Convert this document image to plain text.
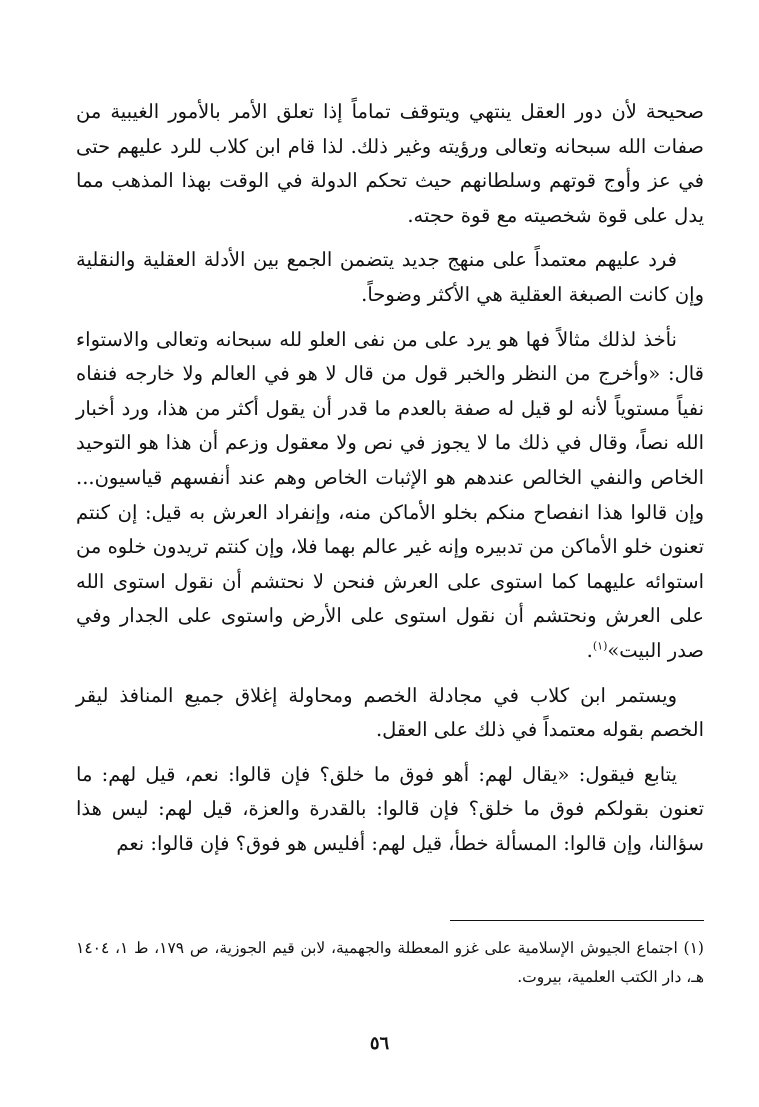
صحيحة لأن دور العقل ينتهي ويتوقف تماماً إذا تعلق الأمر بالأمور الغيبية من صفات الله سبحانه وتعالى ورؤيته وغير ذلك. لذا قام ابن كلاب للرد عليهم حتى في عز وأوج قوتهم وسلطانهم حيث تحكم الدولة في الوقت بهذا المذهب مما يدل على قوة شخصيته مع قوة حجته.

فرد عليهم معتمداً على منهج جديد يتضمن الجمع بين الأدلة العقلية والنقلية وإن كانت الصبغة العقلية هي الأكثر وضوحاً.

نأخذ لذلك مثالاً فها هو يرد على من نفى العلو لله سبحانه وتعالى والاستواء قال: «وأخرج من النظر والخبر قول من قال لا هو في العالم ولا خارجه فنفاه نفياً مستوياً لأنه لو قيل له صفة بالعدم ما قدر أن يقول أكثر من هذا، ورد أخبار الله نصاً، وقال في ذلك ما لا يجوز في نص ولا معقول وزعم أن هذا هو التوحيد الخاص والنفي الخالص عندهم هو الإثبات الخاص وهم عند أنفسهم قياسيون... وإن قالوا هذا انفصاح منكم بخلو الأماكن منه، وإنفراد العرش به قيل: إن كنتم تعنون خلو الأماكن من تدبيره وإنه غير عالم بهما فلا، وإن كنتم تريدون خلوه من استوائه عليهما كما استوى على العرش فنحن لا نحتشم أن نقول استوى الله على العرش ونحتشم أن نقول استوى على الأرض واستوى على الجدار وفي صدر البيت»$^{(١)}$.

ويستمر ابن كلاب في مجادلة الخصم ومحاولة إغلاق جميع المنافذ ليقر الخصم بقوله معتمداً في ذلك على العقل.

يتابع فيقول: «يقال لهم: أهو فوق ما خلق؟ فإن قالوا: نعم، قيل لهم: ما تعنون بقولكم فوق ما خلق؟ فإن قالوا: بالقدرة والعزة، قيل لهم: ليس هذا سؤالنا، وإن قالوا: المسألة خطأ، قيل لهم: أفليس هو فوق؟ فإن قالوا: نعم

(١) اجتماع الجيوش الإسلامية على غزو المعطلة والجهمية، لابن قيم الجوزية، ص ١٧٩، ط ١، ١٤٠٤ هـ، دار الكتب العلمية، بيروت.
٥٦
